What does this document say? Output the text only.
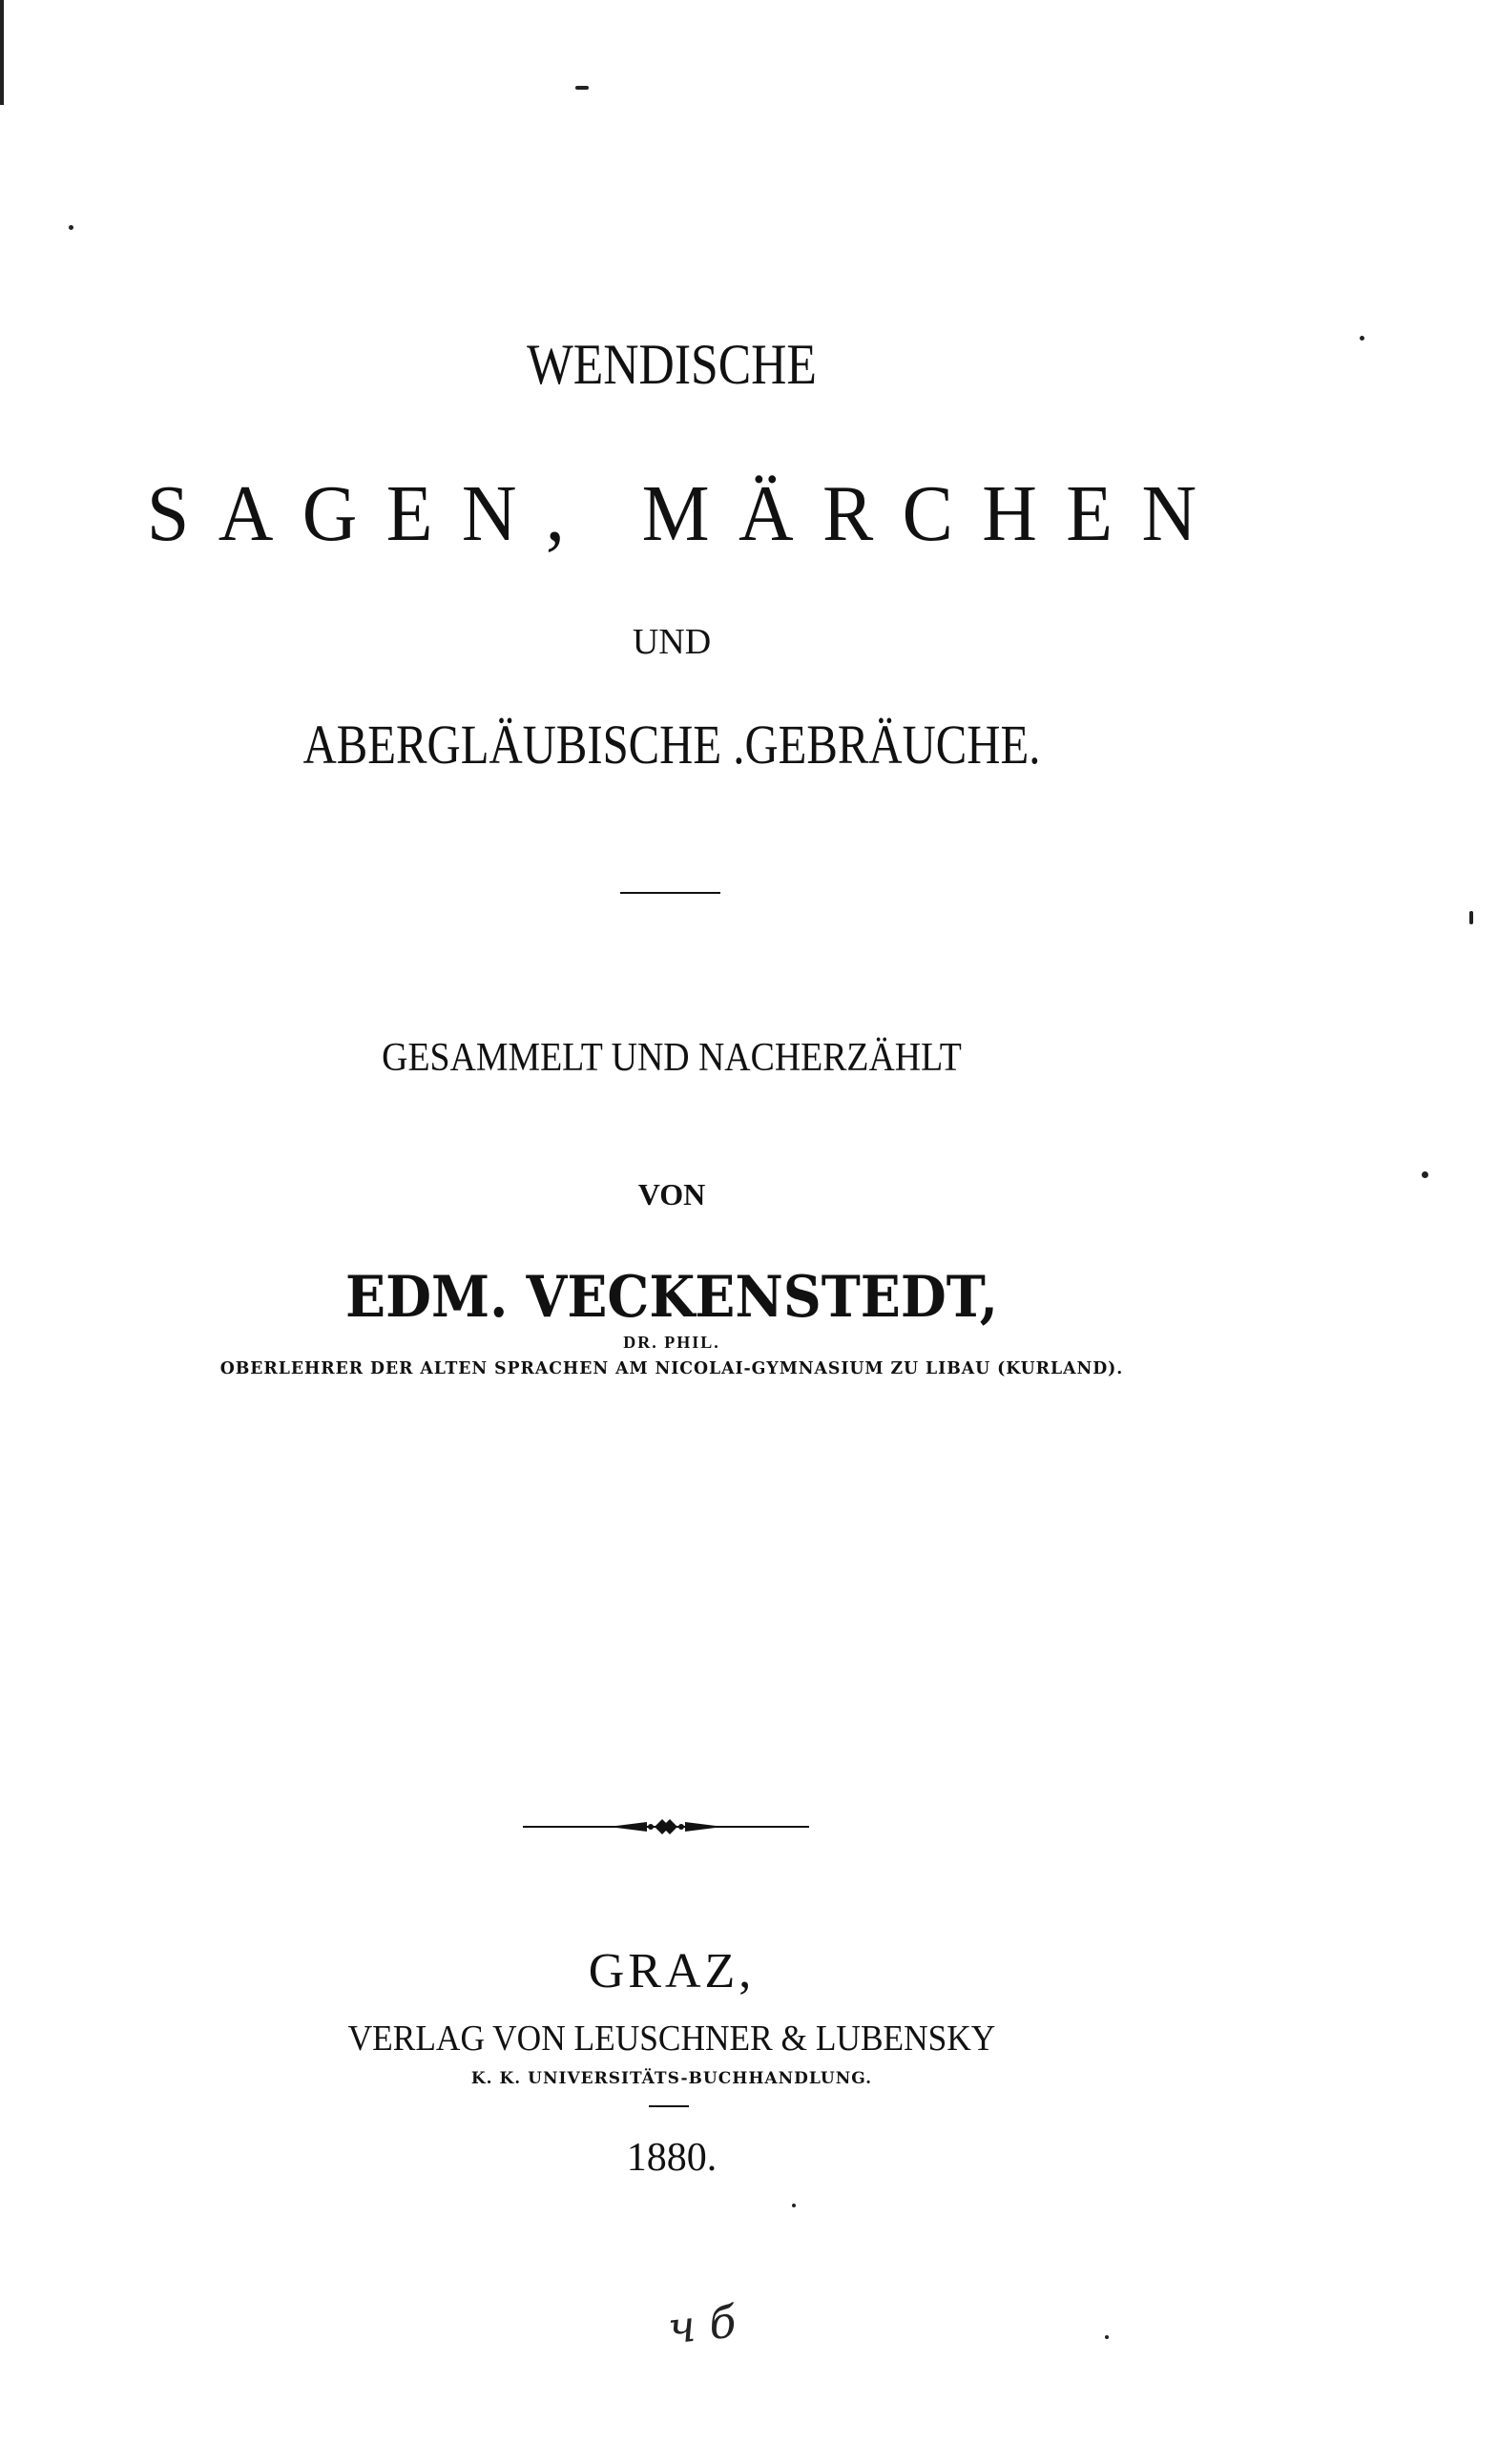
WENDISCHE
SAGEN, MÄRCHEN
UND
ABERGLÄUBISCHE .GEBRÄUCHE.
GESAMMELT UND NACHERZÄHLT
VON
EDM. VECKENSTEDT,
DR. PHIL.
OBERLEHRER DER ALTEN SPRACHEN AM NICOLAI-GYMNASIUM ZU LIBAU (KURLAND).
GRAZ,
VERLAG VON LEUSCHNER & LUBENSKY
K. K. UNIVERSITÄTS-BUCHHANDLUNG.
1880.
ч б
